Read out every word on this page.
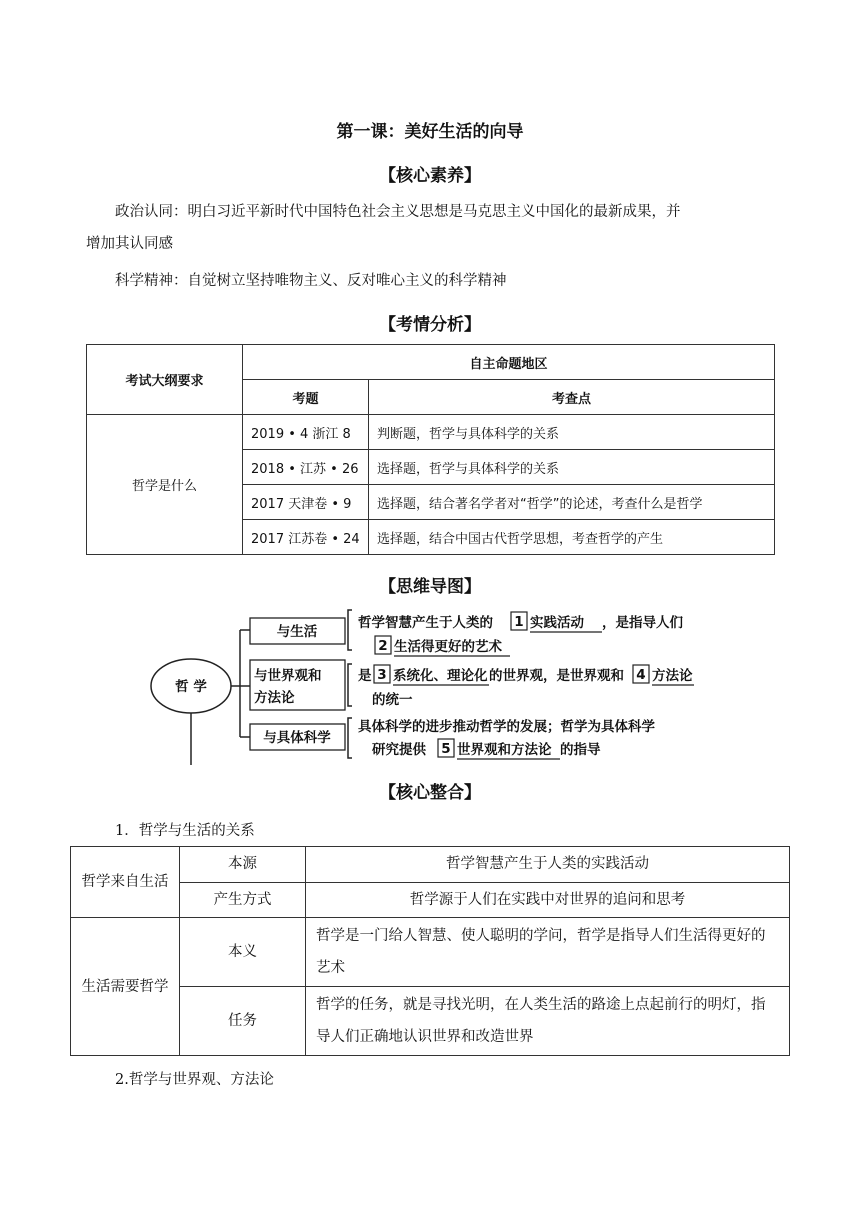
第一课：美好生活的向导
【核心素养】
政治认同：明白习近平新时代中国特色社会主义思想是马克思主义中国化的最新成果，并
增加其认同感
科学精神：自觉树立坚持唯物主义、反对唯心主义的科学精神
【考情分析】
考试大纲要求	自主命题地区	
	考题	考查点
哲学是什么	2019 • 4 浙江 8	判断题，哲学与具体科学的关系
	2018 • 江苏 • 26	选择题，哲学与具体科学的关系
	2017 天津卷 • 9	选择题，结合著名学者对“哲学”的论述，考查什么是哲学
	2017 江苏卷 • 24	选择题，结合中国古代哲学思想，考查哲学的产生
【思维导图】
哲 学
与生活
与世界观和
方法论
与具体科学
哲学智慧产生于人类的 1 实践活动 ，是指导人们
2 生活得更好的艺术
是 3 系统化、理论化 的世界观，是世界观和 4 方法论
的统一
具体科学的进步推动哲学的发展；哲学为具体科学
研究提供 5 世界观和方法论 的指导
【核心整合】
1．哲学与生活的关系
哲学来自生活	本源	哲学智慧产生于人类的实践活动
	产生方式	哲学源于人们在实践中对世界的追问和思考
生活需要哲学	本义	哲学是一门给人智慧、使人聪明的学问，哲学是指导人们生活得更好的艺术
	任务	哲学的任务，就是寻找光明，在人类生活的路途上点起前行的明灯，指导人们正确地认识世界和改造世界
2.哲学与世界观、方法论
